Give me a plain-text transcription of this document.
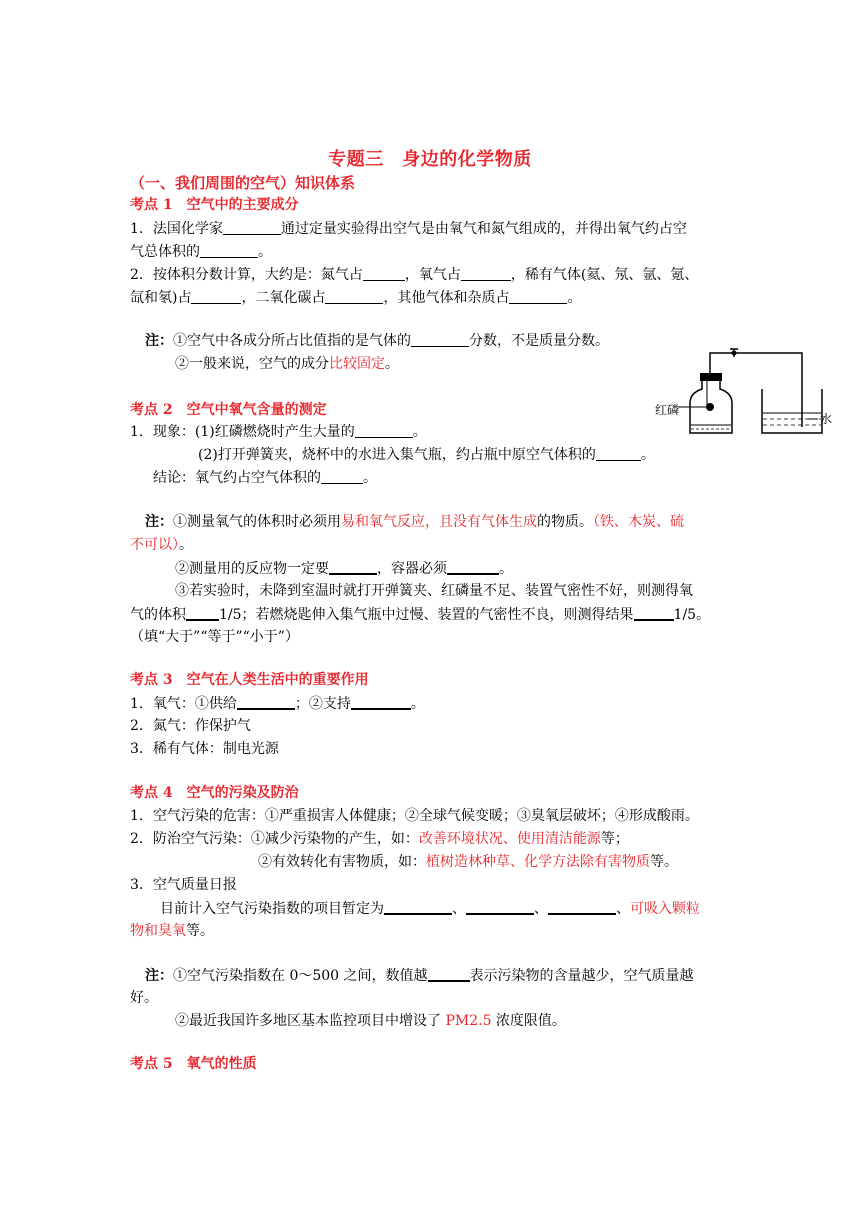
专题三　身边的化学物质
（一、我们周围的空气）知识体系
考点 1　空气中的主要成分
1．法国化学家	通过定量实验得出空气是由氧气和氮气组成的，并得出氧气约占空
气总体积的	。
2．按体积分数计算，大约是：氮气占	，氧气占	，稀有气体(氦、氖、氩、氪、
氙和氡)占	，二氧化碳占	，其他气体和杂质占	。
注：①空气中各成分所占比值指的是气体的	分数，不是质量分数。
②一般来说，空气的成分比较固定。
红磷
水
考点 2　空气中氧气含量的测定
1．现象：(1)红磷燃烧时产生大量的	。
(2)打开弹簧夹，烧杯中的水进入集气瓶，约占瓶中原空气体积的	。
结论：氧气约占空气体积的	。
注：①测量氧气的体积时必须用易和氧气反应，且没有气体生成的物质。（铁、木炭、硫
不可以）。
②测量用的反应物一定要	，容器必须	。
③若实验时，未降到室温时就打开弹簧夹、红磷量不足、装置气密性不好，则测得氧
气的体积 1/5；若燃烧匙伸入集气瓶中过慢、装置的气密性不良，则测得结果	1/5。
（填“大于”“等于”“小于”）
考点 3　空气在人类生活中的重要作用
1．氧气：①供给	；②支持	。
2．氮气：作保护气
3．稀有气体：制电光源
考点 4　空气的污染及防治
1．空气污染的危害：①严重损害人体健康；②全球气候变暖；③臭氧层破坏；④形成酸雨。
2．防治空气污染：①减少污染物的产生，如：改善环境状况、使用清洁能源等；
②有效转化有害物质，如：植树造林种草、化学方法除有害物质等。
3．空气质量日报
目前计入空气污染指数的项目暂定为	、	、	、可吸入颗粒
物和臭氧等。
注：①空气污染指数在 0～500 之间，数值越	表示污染物的含量越少，空气质量越
好。
②最近我国许多地区基本监控项目中增设了 PM2.5 浓度限值。
考点 5　氧气的性质
